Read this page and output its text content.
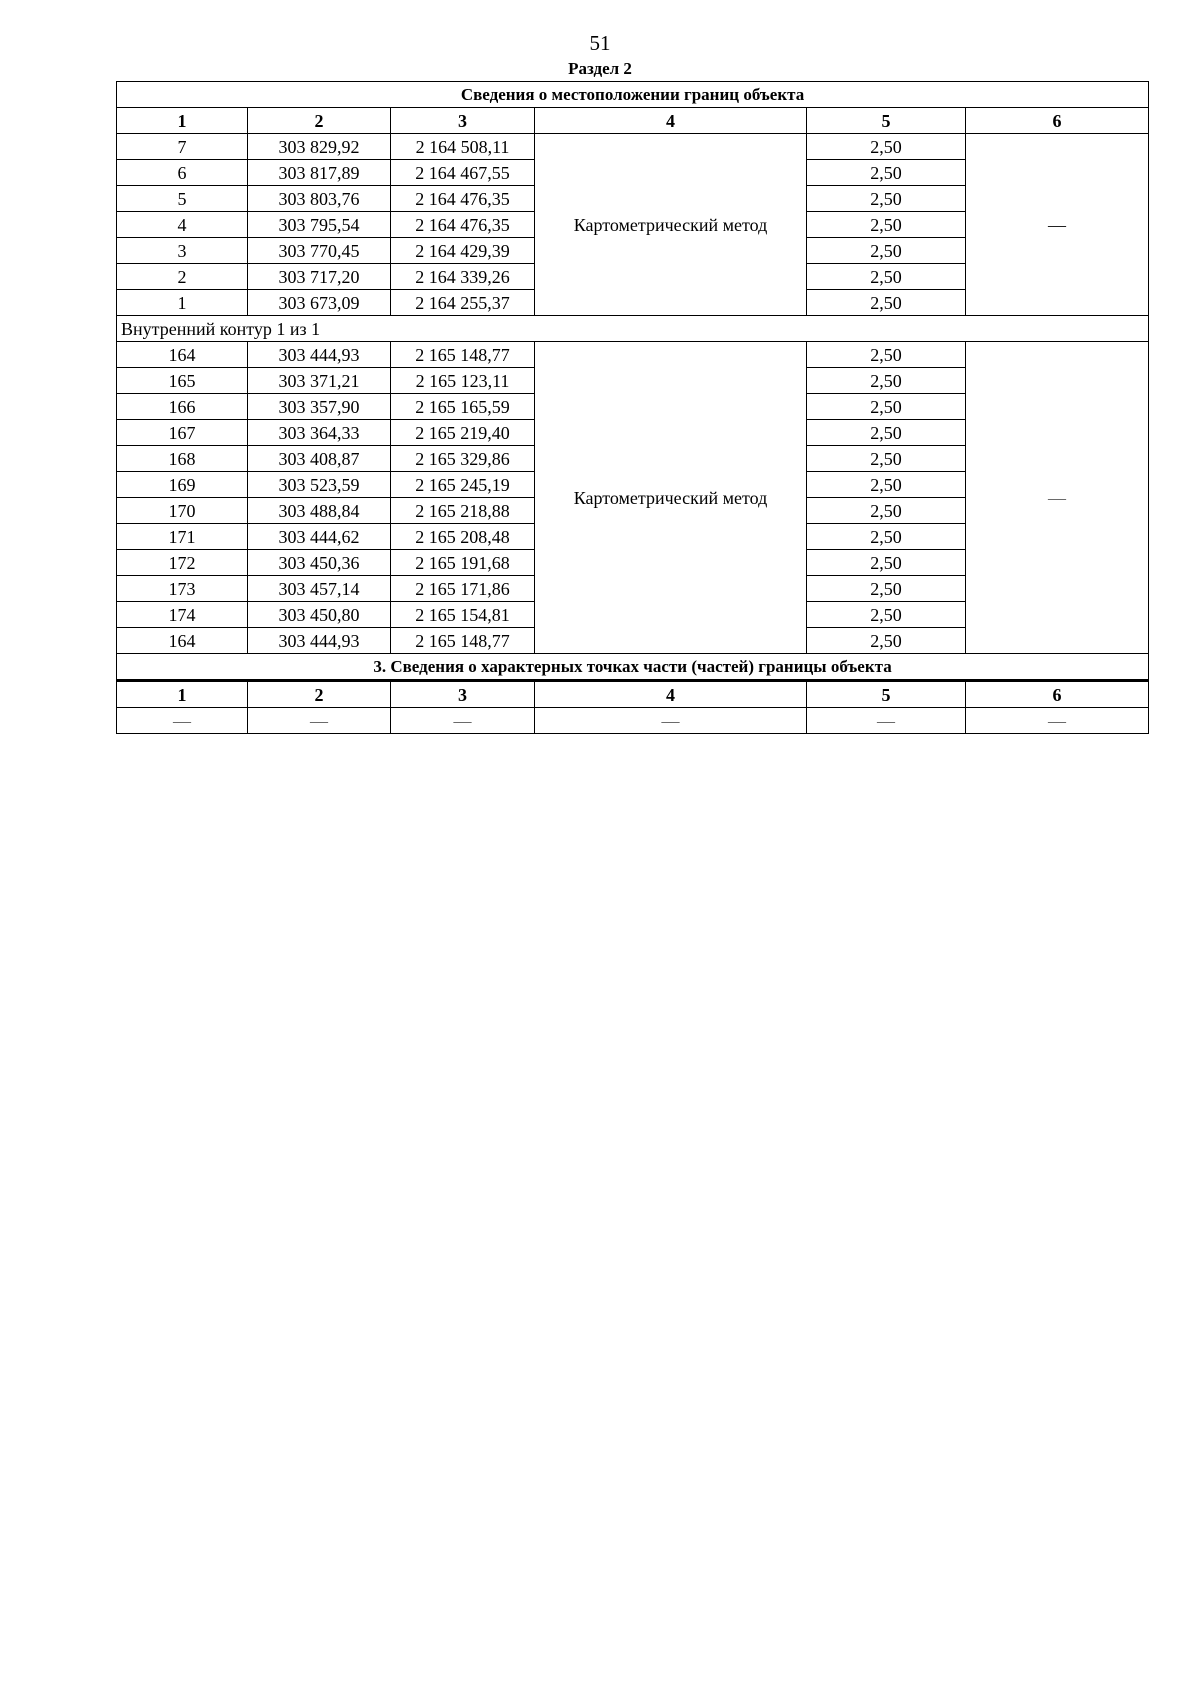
51
Раздел 2
Сведения о местоположении границ объекта					
1	2	3	4	5	6
7	303 829,92	2 164 508,11	Картометрический метод	2,50	—
6	303 817,89	2 164 467,55		2,50	
5	303 803,76	2 164 476,35		2,50	
4	303 795,54	2 164 476,35		2,50	
3	303 770,45	2 164 429,39		2,50	
2	303 717,20	2 164 339,26		2,50	
1	303 673,09	2 164 255,37		2,50	
Внутренний контур 1 из 1					
164	303 444,93	2 165 148,77	Картометрический метод	2,50	—
165	303 371,21	2 165 123,11		2,50	
166	303 357,90	2 165 165,59		2,50	
167	303 364,33	2 165 219,40		2,50	
168	303 408,87	2 165 329,86		2,50	
169	303 523,59	2 165 245,19		2,50	
170	303 488,84	2 165 218,88		2,50	
171	303 444,62	2 165 208,48		2,50	
172	303 450,36	2 165 191,68		2,50	
173	303 457,14	2 165 171,86		2,50	
174	303 450,80	2 165 154,81		2,50	
164	303 444,93	2 165 148,77		2,50	
3. Сведения о характерных точках части (частей) границы объекта					
1	2	3	4	5	6
—	—	—	—	—	—
